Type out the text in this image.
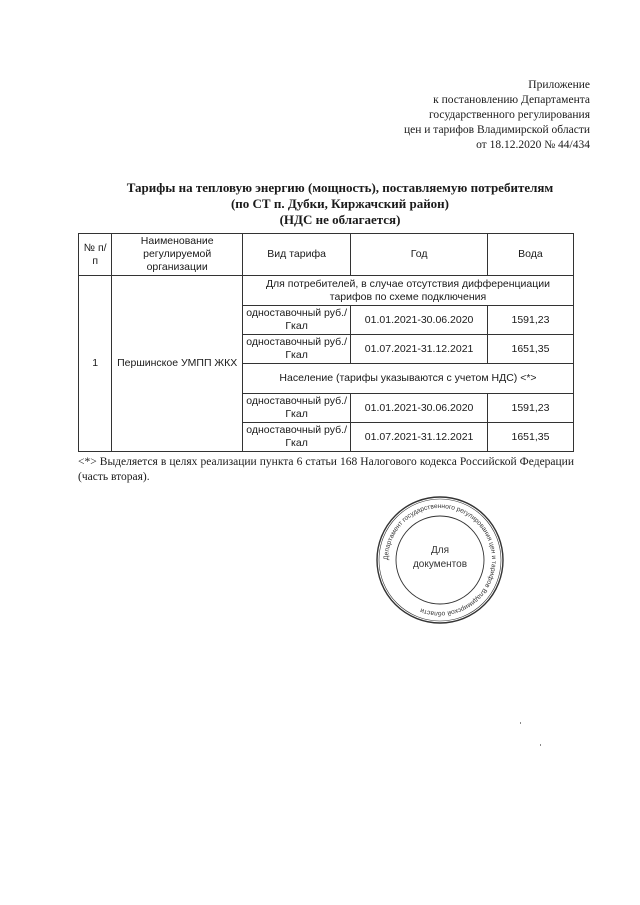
Приложение
к постановлению Департамента
государственного регулирования
цен и тарифов Владимирской области
от 18.12.2020 № 44/434
Тарифы на тепловую энергию (мощность), поставляемую потребителям
(по СТ п. Дубки, Киржачский район)
(НДС не облагается)
№ п/п	Наименование регулируемой организации	Вид тарифа	Год	Вода
1	Першинское УМПП ЖКХ	Для потребителей, в случае отсутствия дифференциации тарифов по схеме подключения		
		одноставочный руб./Гкал	01.01.2021-30.06.2020	1591,23
		одноставочный руб./Гкал	01.07.2021-31.12.2021	1651,35
		Население (тарифы указываются с учетом НДС) <*>		
		одноставочный руб./Гкал	01.01.2021-30.06.2020	1591,23
		одноставочный руб./Гкал	01.07.2021-31.12.2021	1651,35
<*> Выделяется в целях реализации пункта 6 статьи 168 Налогового кодекса Российской Федерации (часть вторая).
Департамент государственного регулирования цен и тарифов Владимирской области
Для
документов
